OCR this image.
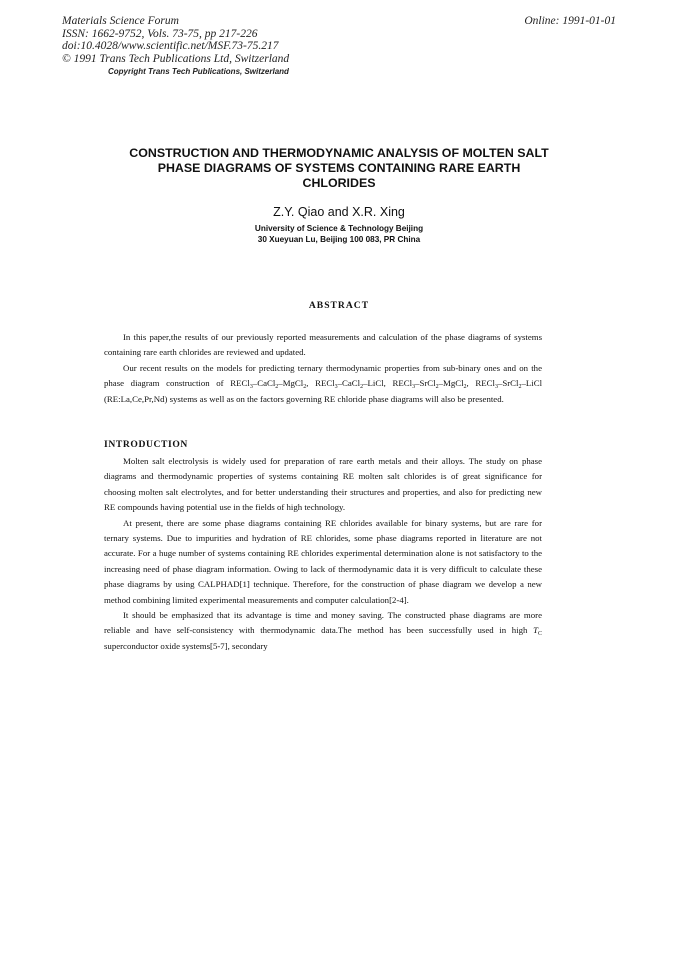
Materials Science Forum
ISSN: 1662-9752, Vols. 73-75, pp 217-226
doi:10.4028/www.scientific.net/MSF.73-75.217
© 1991 Trans Tech Publications Ltd, Switzerland
Copyright Trans Tech Publications, Switzerland
Online: 1991-01-01
CONSTRUCTION AND THERMODYNAMIC ANALYSIS OF MOLTEN SALT
PHASE DIAGRAMS OF SYSTEMS CONTAINING RARE EARTH
CHLORIDES
Z.Y. Qiao and X.R. Xing
University of Science & Technology Beijing
30 Xueyuan Lu, Beijing 100 083, PR China
ABSTRACT

In this paper,the results of our previously reported measurements and calculation of the phase diagrams of systems containing rare earth chlorides are reviewed and updated.

Our recent results on the models for predicting ternary thermodynamic properties from sub-binary ones and on the phase diagram construction of RECl$_3$–CaCl$_2$–MgCl$_2$, RECl$_3$–CaCl$_2$–LiCl, RECl$_3$–SrCl$_2$–MgCl$_2$, RECl$_3$–SrCl$_2$–LiCl (RE:La,Ce,Pr,Nd) systems as well as on the factors governing RE chloride phase diagrams will also be presented.

INTRODUCTION

Molten salt electrolysis is widely used for preparation of rare earth metals and their alloys. The study on phase diagrams and thermodynamic properties of systems containing RE molten salt chlorides is of great significance for choosing molten salt electrolytes, and for better understanding their structures and properties, and also for predicting new RE compounds having potential use in the fields of high technology.

At present, there are some phase diagrams containing RE chlorides available for binary systems, but are rare for ternary systems. Due to impurities and hydration of RE chlorides, some phase diagrams reported in literature are not accurate. For a huge number of systems containing RE chlorides experimental determination alone is not satisfactory to the increasing need of phase diagram information. Owing to lack of thermodynamic data it is very difficult to calculate these phase diagrams by using CALPHAD[1] technique. Therefore, for the construction of phase diagram we develop a new method combining limited experimental measurements and computer calculation[2-4].

It should be emphasized that its advantage is time and money saving. The constructed phase diagrams are more reliable and have self-consistency with thermodynamic data.The method has been successfully used in high $T_C$ superconductor oxide systems[5-7], secondary
